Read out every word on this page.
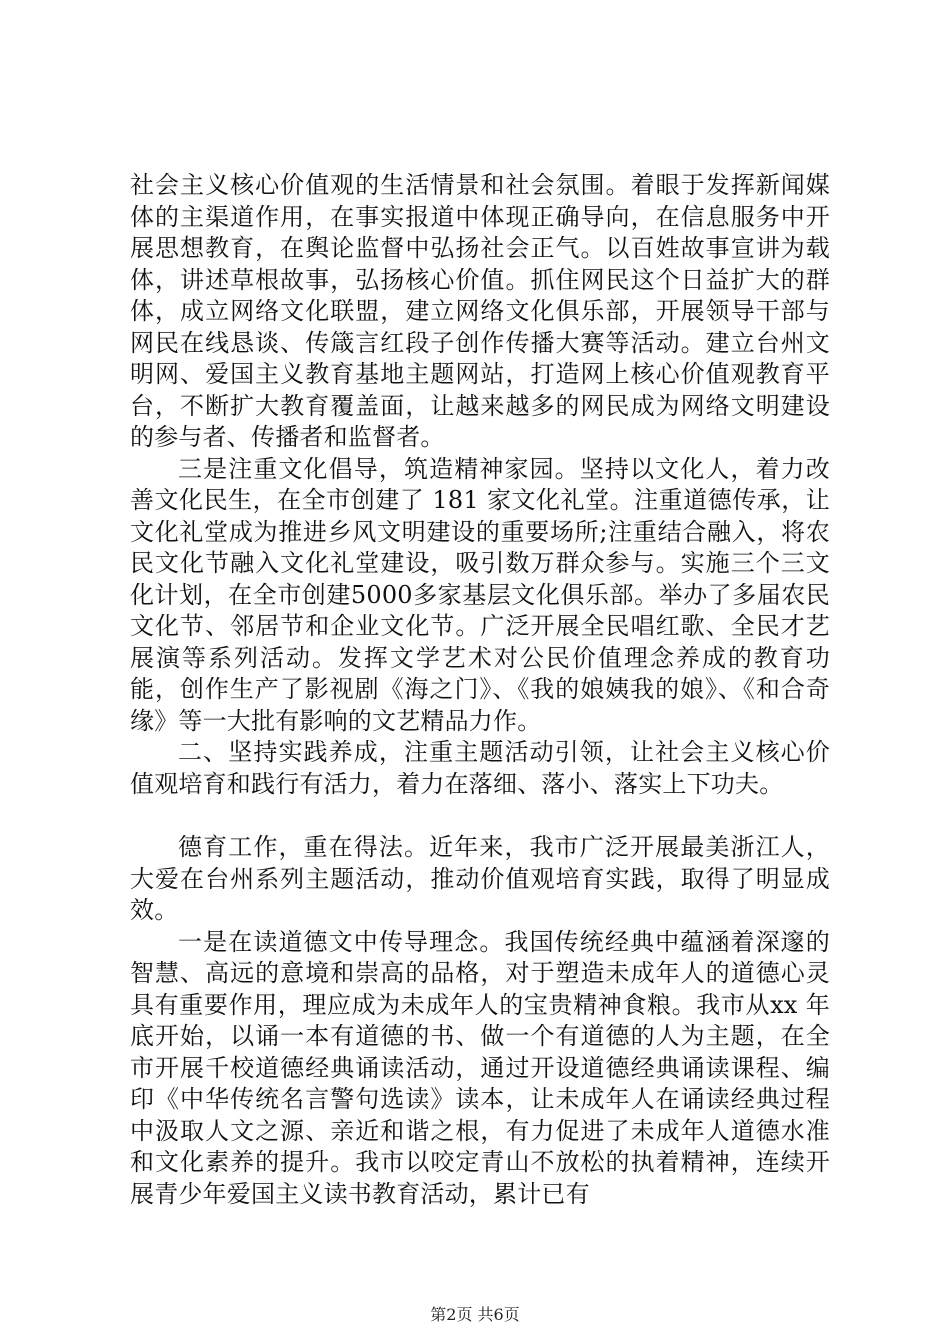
社会主义核心价值观的生活情景和社会氛围。着眼于发挥新闻媒体的主渠道作用，在事实报道中体现正确导向，在信息服务中开展思想教育，在舆论监督中弘扬社会正气。以百姓故事宣讲为载体，讲述草根故事，弘扬核心价值。抓住网民这个日益扩大的群体，成立网络文化联盟，建立网络文化俱乐部，开展领导干部与网民在线恳谈、传箴言红段子创作传播大赛等活动。建立台州文明网、爱国主义教育基地主题网站，打造网上核心价值观教育平台，不断扩大教育覆盖面，让越来越多的网民成为网络文明建设的参与者、传播者和监督者。

三是注重文化倡导，筑造精神家园。坚持以文化人，着力改善文化民生，在全市创建了 181 家文化礼堂。注重道德传承，让文化礼堂成为推进乡风文明建设的重要场所;注重结合融入，将农民文化节融入文化礼堂建设，吸引数万群众参与。实施三个三文化计划，在全市创建5000多家基层文化俱乐部。举办了多届农民文化节、邻居节和企业文化节。广泛开展全民唱红歌、全民才艺展演等系列活动。发挥文学艺术对公民价值理念养成的教育功能，创作生产了影视剧《海之门》、《我的娘姨我的娘》、《和合奇缘》等一大批有影响的文艺精品力作。

二、坚持实践养成，注重主题活动引领，让社会主义核心价值观培育和践行有活力，着力在落细、落小、落实上下功夫。

德育工作，重在得法。近年来，我市广泛开展最美浙江人，大爱在台州系列主题活动，推动价值观培育实践，取得了明显成效。

一是在读道德文中传导理念。我国传统经典中蕴涵着深邃的智慧、高远的意境和崇高的品格，对于塑造未成年人的道德心灵具有重要作用，理应成为未成年人的宝贵精神食粮。我市从xx 年底开始，以诵一本有道德的书、做一个有道德的人为主题，在全市开展千校道德经典诵读活动，通过开设道德经典诵读课程、编印《中华传统名言警句选读》读本，让未成年人在诵读经典过程中汲取人文之源、亲近和谐之根，有力促进了未成年人道德水准和文化素养的提升。我市以咬定青山不放松的执着精神，连续开展青少年爱国主义读书教育活动，累计已有

第2页 共6页
